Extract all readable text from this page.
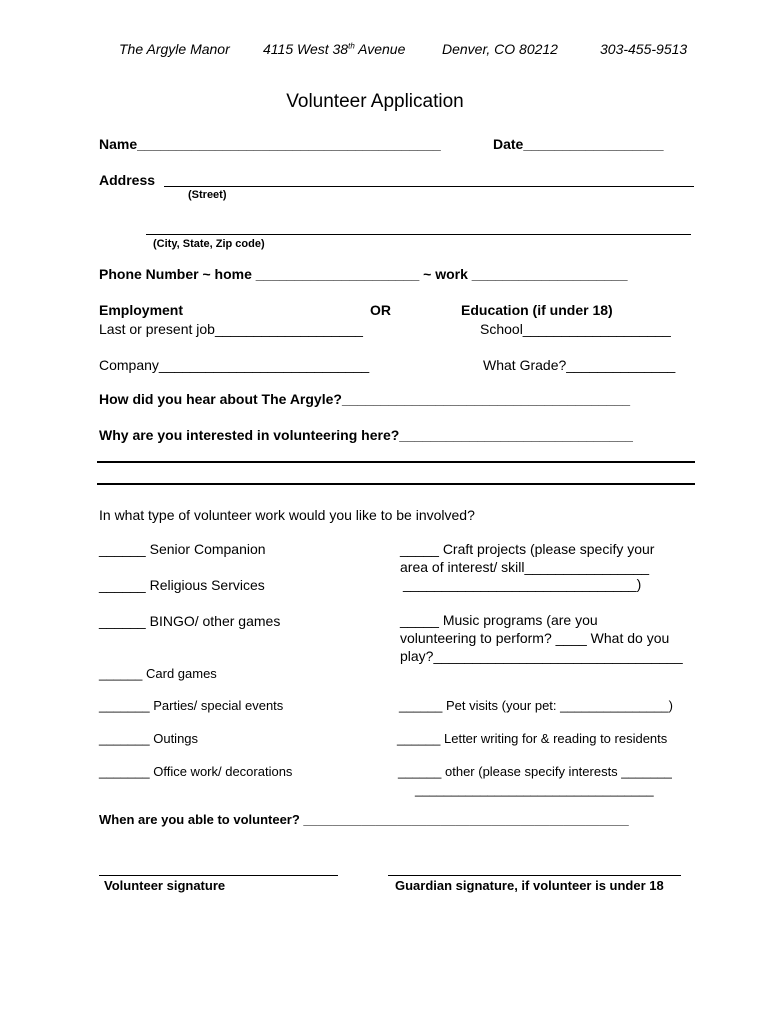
The Argyle Manor 4115 West 38th Avenue	Denver, CO 80212	303-455-9513
Volunteer Application
Name_______________________________________	Date__________________
Address
(Street)
(City, State, Zip code)
Phone Number ~ home _____________________ ~ work ____________________
Employment	OR	Education (if under 18)
Last or present job___________________	School___________________
Company___________________________	What Grade?______________
How did you hear about The Argyle?_____________________________________
Why are you interested in volunteering here?______________________________
In what type of volunteer work would you like to be involved?
______ Senior Companion
______ Religious Services
______ BINGO/ other games
______ Card games
_______ Parties/ special events
_______ Outings
_______ Office work/ decorations
_____ Craft projects (please specify your
area of interest/ skill________________
______________________________)
_____ Music programs (are you
volunteering to perform? ____ What do you
play?________________________________
______ Pet visits (your pet: _______________)
______ Letter writing for & reading to residents
______ other (please specify interests _______
_________________________________
When are you able to volunteer? _____________________________________________
Volunteer signature	Guardian signature, if volunteer is under 18
